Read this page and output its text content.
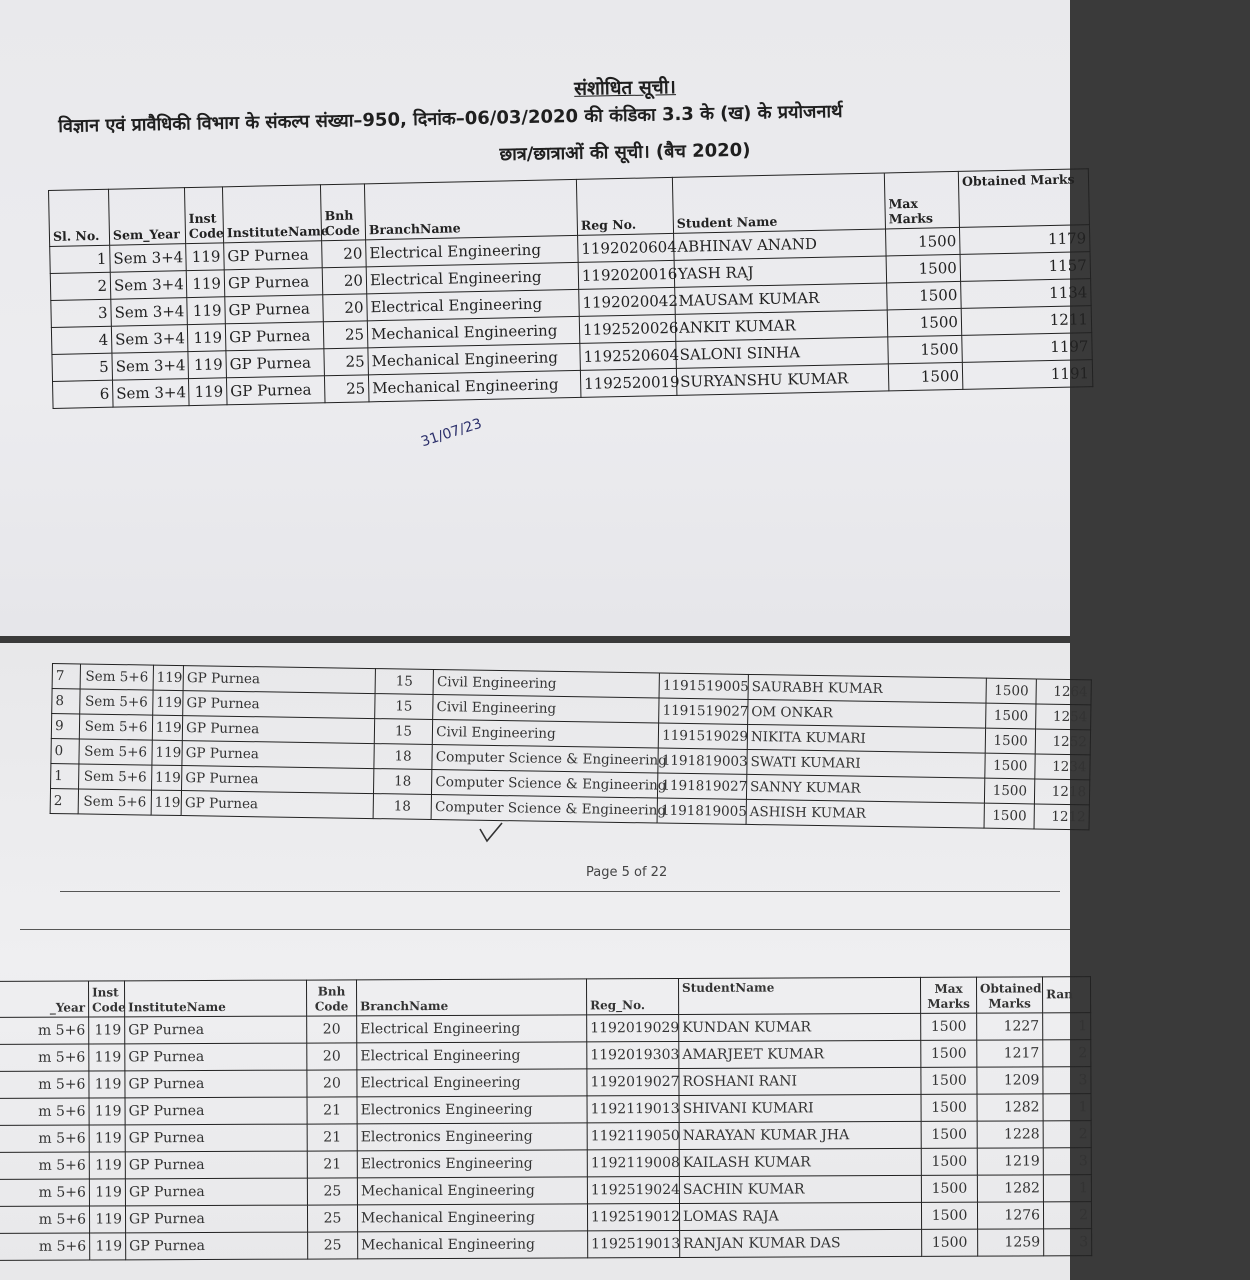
संशोधित सूची।
विज्ञान एवं प्रावैधिकी विभाग के संकल्प संख्या–950, दिनांक–06/03/2020 की कंडिका 3.3 के (ख) के प्रयोजनार्थ
छात्र/छात्राओं की सूची। (बैच 2020)
Sl. No.	Sem_Year	Inst Code	InstituteName	Bnh Code	BranchName	Reg No.	Student Name	Max Marks	Obtained Marks
1	Sem 3+4	119	GP Purnea	20	Electrical Engineering	1192020604	ABHINAV ANAND	1500	1179
2	Sem 3+4	119	GP Purnea	20	Electrical Engineering	1192020016	YASH RAJ	1500	1157
3	Sem 3+4	119	GP Purnea	20	Electrical Engineering	1192020042	MAUSAM KUMAR	1500	1134
4	Sem 3+4	119	GP Purnea	25	Mechanical Engineering	1192520026	ANKIT KUMAR	1500	1211
5	Sem 3+4	119	GP Purnea	25	Mechanical Engineering	1192520604	SALONI SINHA	1500	1197
6	Sem 3+4	119	GP Purnea	25	Mechanical Engineering	1192520019	SURYANSHU KUMAR	1500	1191
31/07/23
7	Sem 5+6	119	GP Purnea	15	Civil Engineering	1191519005	SAURABH KUMAR	1500	1264
8	Sem 5+6	119	GP Purnea	15	Civil Engineering	1191519027	OM ONKAR	1500	1254
9	Sem 5+6	119	GP Purnea	15	Civil Engineering	1191519029	NIKITA KUMARI	1500	1252
0	Sem 5+6	119	GP Purnea	18	Computer Science & Engineering	1191819003	SWATI KUMARI	1500	1234
1	Sem 5+6	119	GP Purnea	18	Computer Science & Engineering	1191819027	SANNY KUMAR	1500	1218
2	Sem 5+6	119	GP Purnea	18	Computer Science & Engineering	1191819005	ASHISH KUMAR	1500	1212
Page 5 of 22
_Year	Inst Code	InstituteName	Bnh Code	BranchName	Reg_No.	StudentName	Max Marks	Obtained Marks	Ran
m 5+6	119	GP Purnea	20	Electrical Engineering	1192019029	KUNDAN KUMAR	1500	1227	1
m 5+6	119	GP Purnea	20	Electrical Engineering	1192019303	AMARJEET KUMAR	1500	1217	2
m 5+6	119	GP Purnea	20	Electrical Engineering	1192019027	ROSHANI RANI	1500	1209	3
m 5+6	119	GP Purnea	21	Electronics Engineering	1192119013	SHIVANI KUMARI	1500	1282	1
m 5+6	119	GP Purnea	21	Electronics Engineering	1192119050	NARAYAN KUMAR JHA	1500	1228	2
m 5+6	119	GP Purnea	21	Electronics Engineering	1192119008	KAILASH KUMAR	1500	1219	3
m 5+6	119	GP Purnea	25	Mechanical Engineering	1192519024	SACHIN KUMAR	1500	1282	1
m 5+6	119	GP Purnea	25	Mechanical Engineering	1192519012	LOMAS RAJA	1500	1276	2
m 5+6	119	GP Purnea	25	Mechanical Engineering	1192519013	RANJAN KUMAR DAS	1500	1259	3
